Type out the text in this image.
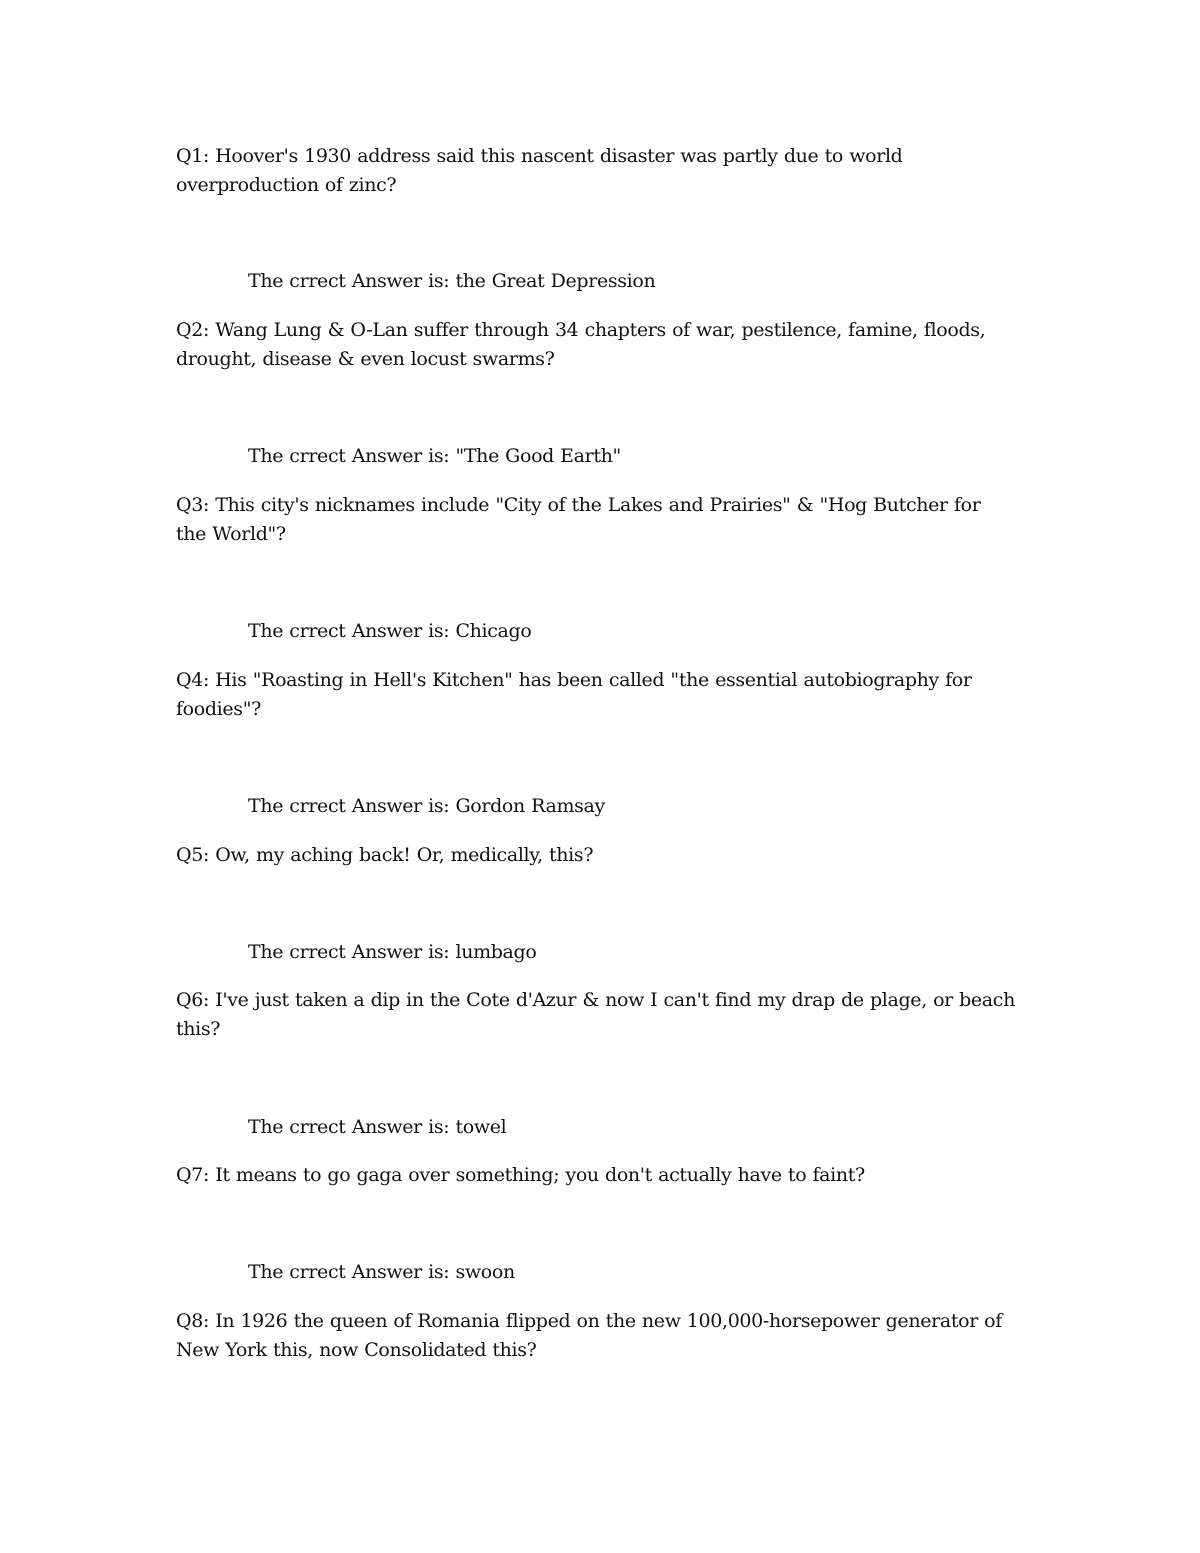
Q1: Hoover's 1930 address said this nascent disaster was partly due to world overproduction of zinc?
The crrect Answer is: the Great Depression
Q2: Wang Lung & O-Lan suffer through 34 chapters of war, pestilence, famine, floods, drought, disease & even locust swarms?
The crrect Answer is: "The Good Earth"
Q3: This city's nicknames include "City of the Lakes and Prairies" & "Hog Butcher for the World"?
The crrect Answer is: Chicago
Q4: His "Roasting in Hell's Kitchen" has been called "the essential autobiography for foodies"?
The crrect Answer is: Gordon Ramsay
Q5: Ow, my aching back! Or, medically, this?
The crrect Answer is: lumbago
Q6: I've just taken a dip in the Cote d'Azur & now I can't find my drap de plage, or beach this?
The crrect Answer is: towel
Q7: It means to go gaga over something; you don't actually have to faint?
The crrect Answer is: swoon
Q8: In 1926 the queen of Romania flipped on the new 100,000-horsepower generator of New York this, now Consolidated this?
